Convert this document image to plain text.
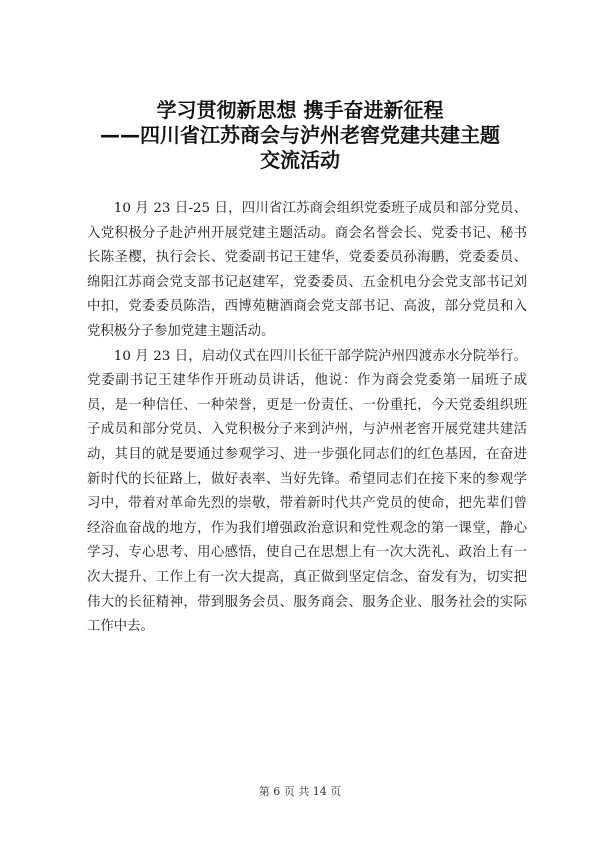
学习贯彻新思想 携手奋进新征程
——四川省江苏商会与泸州老窖党建共建主题
交流活动

10 月 23 日-25 日，四川省江苏商会组织党委班子成员和部分党员、入党积极分子赴泸州开展党建主题活动。商会名誉会长、党委书记、秘书长陈圣樱，执行会长、党委副书记王建华，党委委员孙海鹏，党委委员、绵阳江苏商会党支部书记赵建军，党委委员、五金机电分会党支部书记刘中扣，党委委员陈浩，西博苑糖酒商会党支部书记、高波，部分党员和入党积极分子参加党建主题活动。

10 月 23 日，启动仪式在四川长征干部学院泸州四渡赤水分院举行。党委副书记王建华作开班动员讲话，他说：作为商会党委第一届班子成员，是一种信任、一种荣誉，更是一份责任、一份重托，今天党委组织班子成员和部分党员、入党积极分子来到泸州，与泸州老窖开展党建共建活动，其目的就是要通过参观学习、进一步强化同志们的红色基因，在奋进新时代的长征路上，做好表率、当好先锋。希望同志们在接下来的参观学习中，带着对革命先烈的崇敬，带着新时代共产党员的使命，把先辈们曾经浴血奋战的地方，作为我们增强政治意识和党性观念的第一课堂，静心学习、专心思考、用心感悟，使自己在思想上有一次大洗礼、政治上有一次大提升、工作上有一次大提高，真正做到坚定信念、奋发有为，切实把伟大的长征精神，带到服务会员、服务商会、服务企业、服务社会的实际工作中去。

第 6 页 共 14 页
